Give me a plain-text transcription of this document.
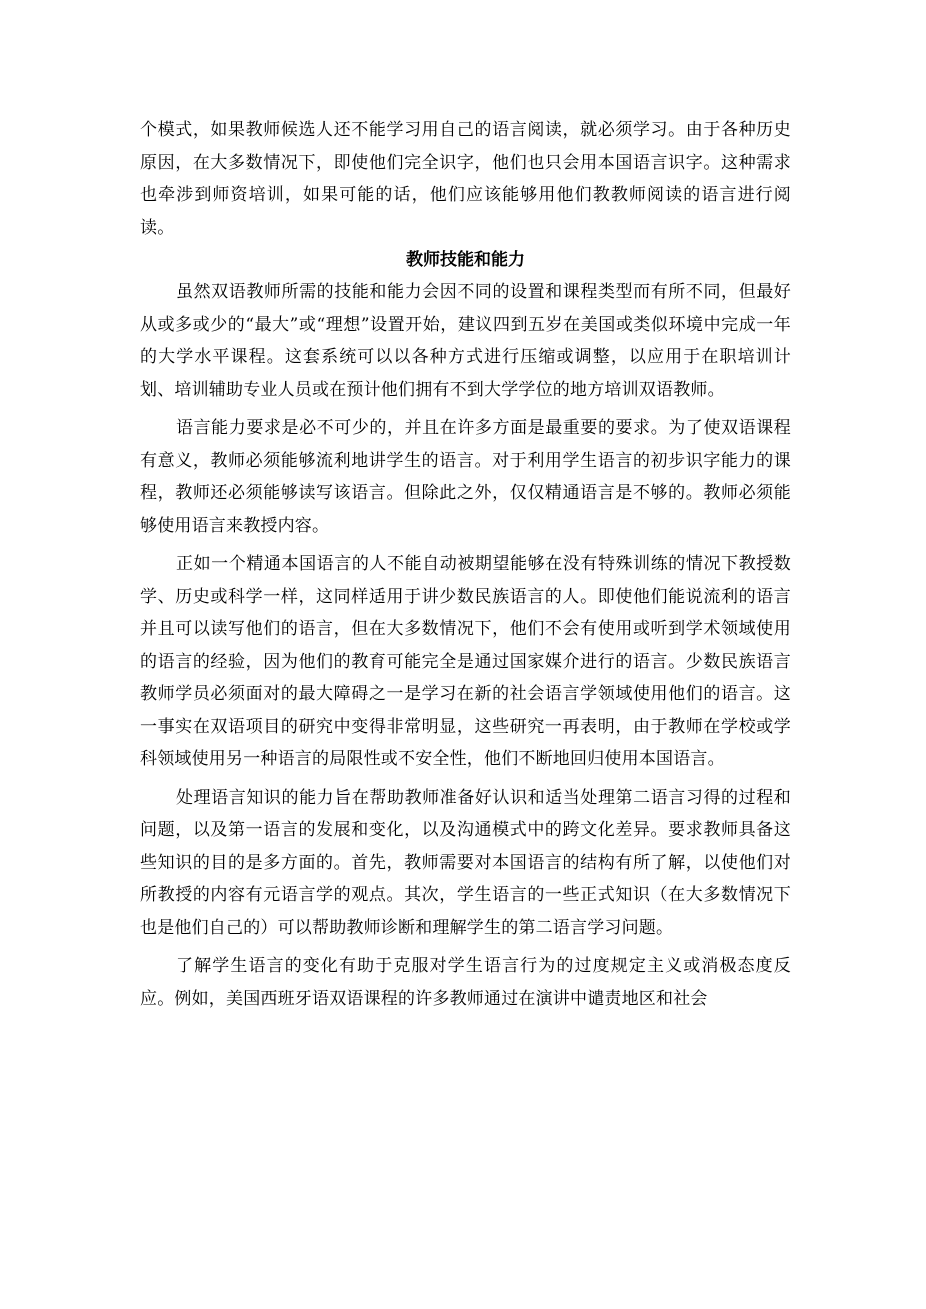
个模式，如果教师候选人还不能学习用自己的语言阅读，就必须学习。由于各种历史原因，在大多数情况下，即使他们完全识字，他们也只会用本国语言识字。这种需求也牵涉到师资培训，如果可能的话，他们应该能够用他们教教师阅读的语言进行阅读。

教师技能和能力

虽然双语教师所需的技能和能力会因不同的设置和课程类型而有所不同，但最好从或多或少的“最大”或“理想”设置开始，建议四到五岁在美国或类似环境中完成一年的大学水平课程。这套系统可以以各种方式进行压缩或调整，以应用于在职培训计划、培训辅助专业人员或在预计他们拥有不到大学学位的地方培训双语教师。

语言能力要求是必不可少的，并且在许多方面是最重要的要求。为了使双语课程有意义，教师必须能够流利地讲学生的语言。对于利用学生语言的初步识字能力的课程，教师还必须能够读写该语言。但除此之外，仅仅精通语言是不够的。教师必须能够使用语言来教授内容。

正如一个精通本国语言的人不能自动被期望能够在没有特殊训练的情况下教授数学、历史或科学一样，这同样适用于讲少数民族语言的人。即使他们能说流利的语言并且可以读写他们的语言，但在大多数情况下，他们不会有使用或听到学术领域使用的语言的经验，因为他们的教育可能完全是通过国家媒介进行的语言。少数民族语言教师学员必须面对的最大障碍之一是学习在新的社会语言学领域使用他们的语言。这一事实在双语项目的研究中变得非常明显，这些研究一再表明，由于教师在学校或学科领域使用另一种语言的局限性或不安全性，他们不断地回归使用本国语言。

处理语言知识的能力旨在帮助教师准备好认识和适当处理第二语言习得的过程和问题，以及第一语言的发展和变化，以及沟通模式中的跨文化差异。要求教师具备这些知识的目的是多方面的。首先，教师需要对本国语言的结构有所了解，以使他们对所教授的内容有元语言学的观点。其次，学生语言的一些正式知识（在大多数情况下也是他们自己的）可以帮助教师诊断和理解学生的第二语言学习问题。

了解学生语言的变化有助于克服对学生语言行为的过度规定主义或消极态度反应。例如，美国西班牙语双语课程的许多教师通过在演讲中谴责地区和社会
